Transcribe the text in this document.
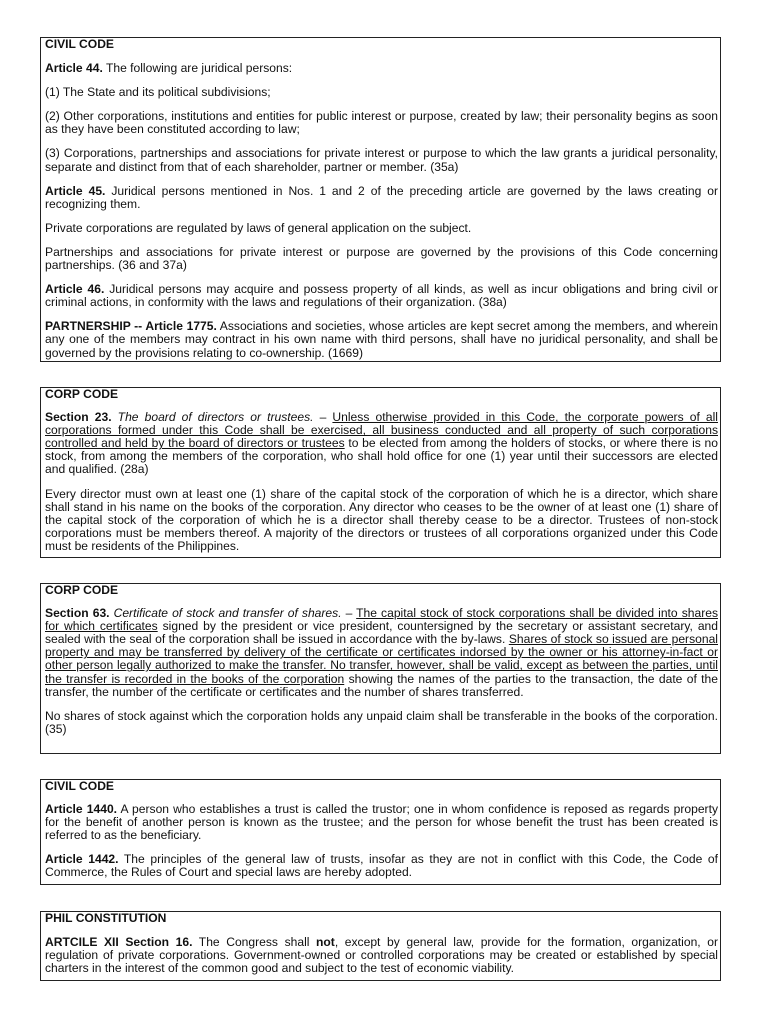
CIVIL CODE

Article 44. The following are juridical persons:

(1) The State and its political subdivisions;

(2) Other corporations, institutions and entities for public interest or purpose, created by law; their personality begins as soon as they have been constituted according to law;

(3) Corporations, partnerships and associations for private interest or purpose to which the law grants a juridical personality, separate and distinct from that of each shareholder, partner or member. (35a)

Article 45. Juridical persons mentioned in Nos. 1 and 2 of the preceding article are governed by the laws creating or recognizing them.

Private corporations are regulated by laws of general application on the subject.

Partnerships and associations for private interest or purpose are governed by the provisions of this Code concerning partnerships. (36 and 37a)

Article 46. Juridical persons may acquire and possess property of all kinds, as well as incur obligations and bring civil or criminal actions, in conformity with the laws and regulations of their organization. (38a)

PARTNERSHIP -- Article 1775. Associations and societies, whose articles are kept secret among the members, and wherein any one of the members may contract in his own name with third persons, shall have no juridical personality, and shall be governed by the provisions relating to co-ownership. (1669)

CORP CODE

Section 23. The board of directors or trustees. – Unless otherwise provided in this Code, the corporate powers of all corporations formed under this Code shall be exercised, all business conducted and all property of such corporations controlled and held by the board of directors or trustees to be elected from among the holders of stocks, or where there is no stock, from among the members of the corporation, who shall hold office for one (1) year until their successors are elected and qualified. (28a)

Every director must own at least one (1) share of the capital stock of the corporation of which he is a director, which share shall stand in his name on the books of the corporation. Any director who ceases to be the owner of at least one (1) share of the capital stock of the corporation of which he is a director shall thereby cease to be a director. Trustees of non-stock corporations must be members thereof. A majority of the directors or trustees of all corporations organized under this Code must be residents of the Philippines.

CORP CODE

Section 63. Certificate of stock and transfer of shares. – The capital stock of stock corporations shall be divided into shares for which certificates signed by the president or vice president, countersigned by the secretary or assistant secretary, and sealed with the seal of the corporation shall be issued in accordance with the by-laws. Shares of stock so issued are personal property and may be transferred by delivery of the certificate or certificates indorsed by the owner or his attorney-in-fact or other person legally authorized to make the transfer. No transfer, however, shall be valid, except as between the parties, until the transfer is recorded in the books of the corporation showing the names of the parties to the transaction, the date of the transfer, the number of the certificate or certificates and the number of shares transferred.

No shares of stock against which the corporation holds any unpaid claim shall be transferable in the books of the corporation. (35)

CIVIL CODE

Article 1440. A person who establishes a trust is called the trustor; one in whom confidence is reposed as regards property for the benefit of another person is known as the trustee; and the person for whose benefit the trust has been created is referred to as the beneficiary.

Article 1442. The principles of the general law of trusts, insofar as they are not in conflict with this Code, the Code of Commerce, the Rules of Court and special laws are hereby adopted.

PHIL CONSTITUTION

ARTCILE XII Section 16. The Congress shall not, except by general law, provide for the formation, organization, or regulation of private corporations. Government-owned or controlled corporations may be created or established by special charters in the interest of the common good and subject to the test of economic viability.
